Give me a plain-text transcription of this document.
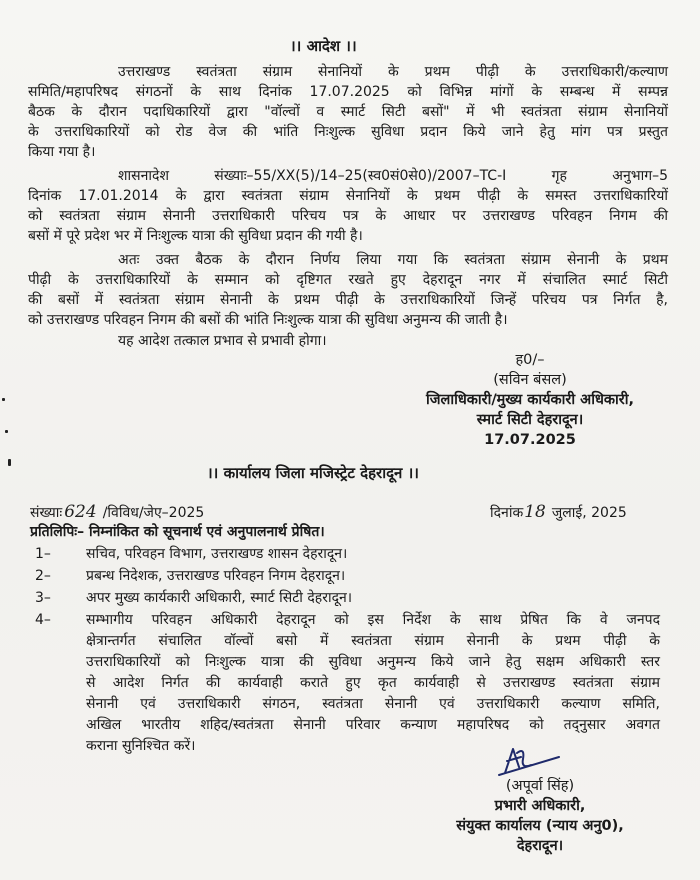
।। आदेश ।।
उत्तराखण्ड स्वतंत्रता संग्राम सेनानियों के प्रथम पीढ़ी के उत्तराधिकारी/कल्याण
समिति/महापरिषद संगठनों के साथ दिनांक 17.07.2025 को विभिन्न मांगों के सम्बन्ध में सम्पन्न
बैठक के दौरान पदाधिकारियों द्वारा "वॉल्वों व स्मार्ट सिटी बसों" में भी स्वतंत्रता संग्राम सेनानियों
के उत्तराधिकारियों को रोड वेज की भांति निःशुल्क सुविधा प्रदान किये जाने हेतु मांग पत्र प्रस्तुत
किया गया है।
शासनादेश संख्याः–55/XX(5)/14–25(स्व0सं0से0)/2007–TC-I गृह अनुभाग–5
दिनांक 17.01.2014 के द्वारा स्वतंत्रता संग्राम सेनानियों के प्रथम पीढ़ी के समस्त उत्तराधिकारियों
को स्वतंत्रता संग्राम सेनानी उत्तराधिकारी परिचय पत्र के आधार पर उत्तराखण्ड परिवहन निगम की
बसों में पूरे प्रदेश भर में निःशुल्क यात्रा की सुविधा प्रदान की गयी है।
अतः उक्त बैठक के दौरान निर्णय लिया गया कि स्वतंत्रता संग्राम सेनानी के प्रथम
पीढ़ी के उत्तराधिकारियों के सम्मान को दृष्टिगत रखते हुए देहरादून नगर में संचालित स्मार्ट सिटी
की बसों में स्वतंत्रता संग्राम सेनानी के प्रथम पीढ़ी के उत्तराधिकारियों जिन्हें परिचय पत्र निर्गत है,
को उत्तराखण्ड परिवहन निगम की बसों की भांति निःशुल्क यात्रा की सुविधा अनुमन्य की जाती है।
यह आदेश तत्काल प्रभाव से प्रभावी होगा।
ह0/–
(सविन बंसल)
जिलाधिकारी/मुख्य कार्यकारी अधिकारी,
स्मार्ट सिटी देहरादून।
17.07.2025
।। कार्यालय जिला मजिस्ट्रेट देहरादून ।।
संख्याः 624 /विविध/जेए–2025	दिनांक18 जुलाई, 2025
प्रतिलिपिः– निम्नांकित को सूचनार्थ एवं अनुपालनार्थ प्रेषित।
1–	सचिव, परिवहन विभाग, उत्तराखण्ड शासन देहरादून।
2–	प्रबन्ध निदेशक, उत्तराखण्ड परिवहन निगम देहरादून।
3–	अपर मुख्य कार्यकारी अधिकारी, स्मार्ट सिटी देहरादून।
4–	सम्भागीय परिवहन अधिकारी देहरादून को इस निर्देश के साथ प्रेषित कि वे जनपद
क्षेत्रान्तर्गत संचालित वॉल्वों बसो में स्वतंत्रता संग्राम सेनानी के प्रथम पीढ़ी के
उत्तराधिकारियों को निःशुल्क यात्रा की सुविधा अनुमन्य किये जाने हेतु सक्षम अधिकारी स्तर
से आदेश निर्गत की कार्यवाही कराते हुए कृत कार्यवाही से उत्तराखण्ड स्वतंत्रता संग्राम
सेनानी एवं उत्तराधिकारी संगठन, स्वतंत्रता सेनानी एवं उत्तराधिकारी कल्याण समिति,
अखिल भारतीय शहिद/स्वतंत्रता सेनानी परिवार कन्याण महापरिषद को तद्नुसार अवगत
कराना सुनिश्चित करें।
(अपूर्वा सिंह)
प्रभारी अधिकारी,
संयुक्त कार्यालय (न्याय अनु0),
देहरादून।
